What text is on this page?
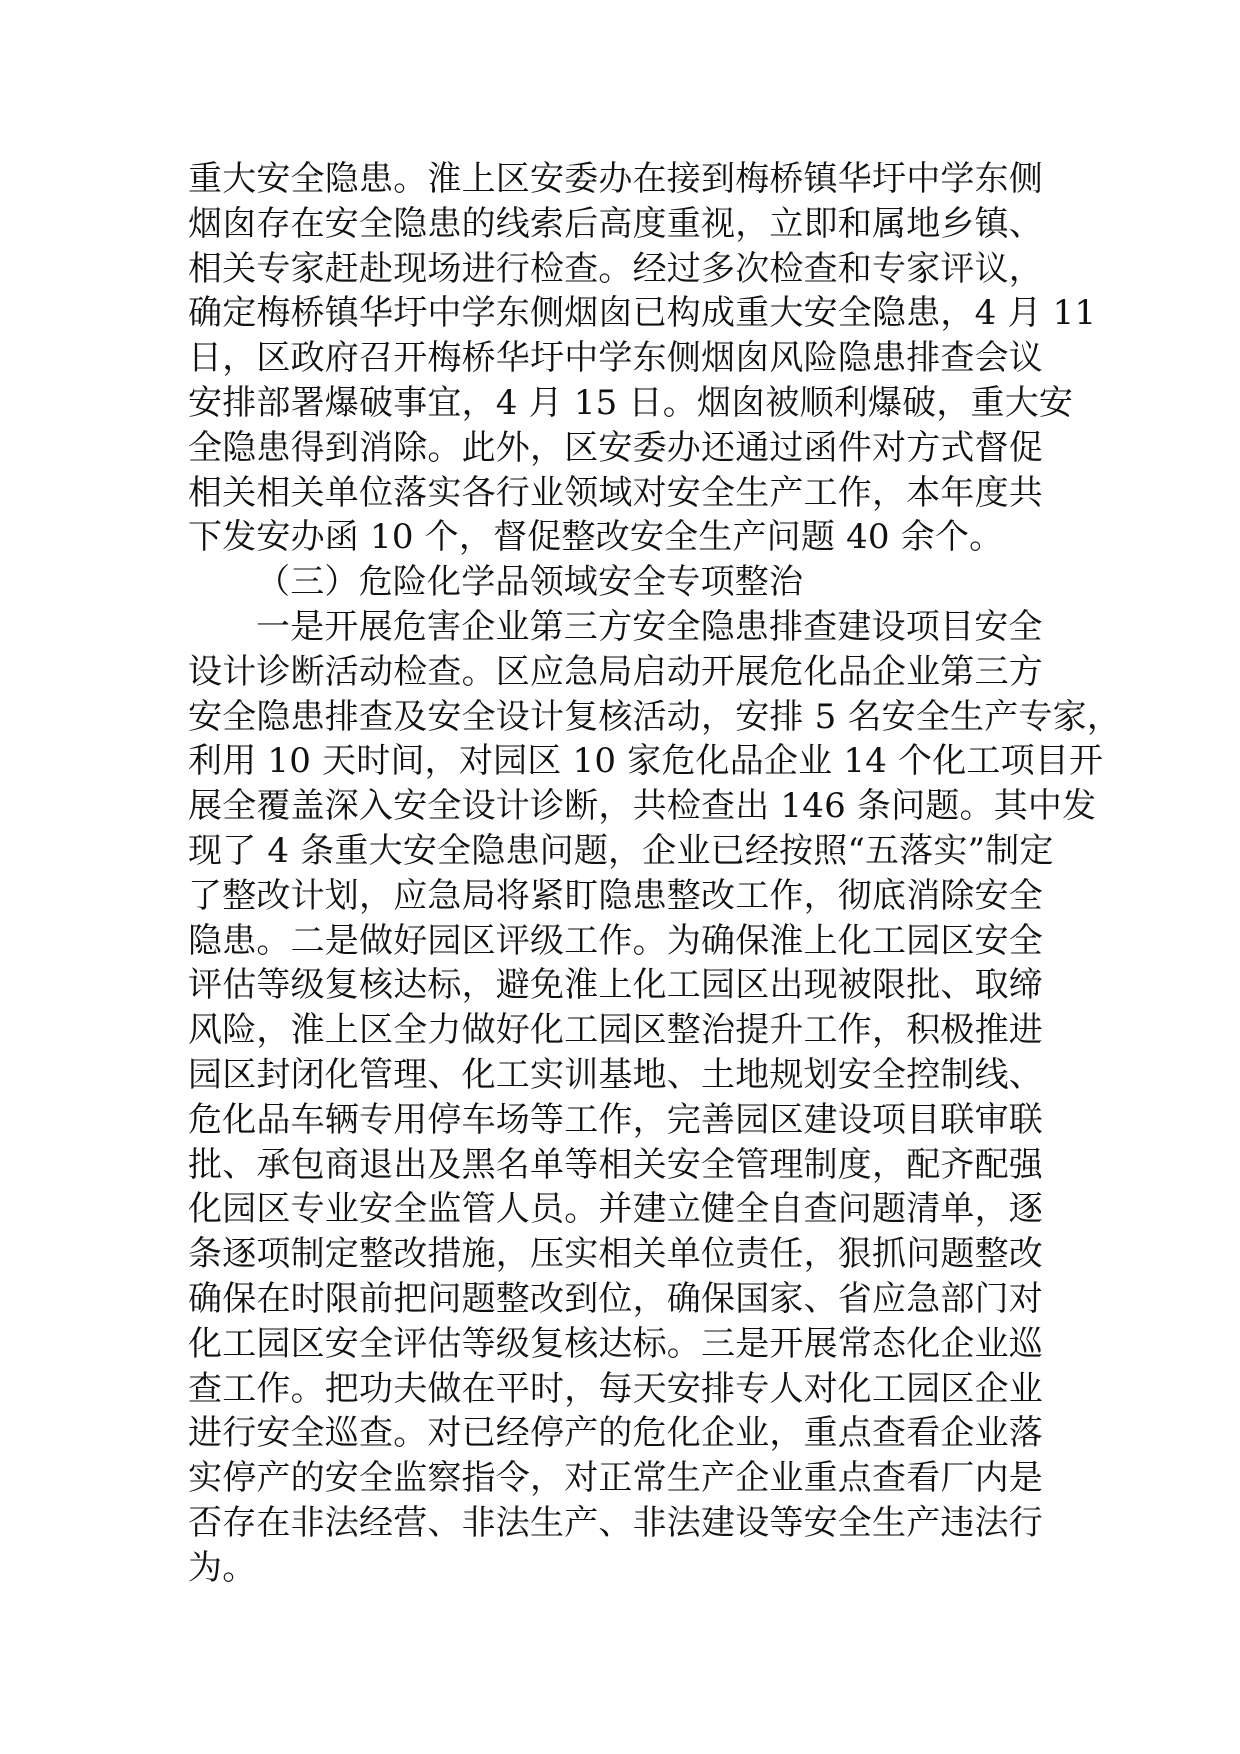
重大安全隐患。淮上区安委办在接到梅桥镇华圩中学东侧
烟囱存在安全隐患的线索后高度重视，立即和属地乡镇、
相关专家赶赴现场进行检查。经过多次检查和专家评议，
确定梅桥镇华圩中学东侧烟囱已构成重大安全隐患，4 月 11
日，区政府召开梅桥华圩中学东侧烟囱风险隐患排查会议
安排部署爆破事宜，4 月 15 日。烟囱被顺利爆破，重大安
全隐患得到消除。此外，区安委办还通过函件对方式督促
相关相关单位落实各行业领域对安全生产工作，本年度共
下发安办函 10 个，督促整改安全生产问题 40 余个。
（三）危险化学品领域安全专项整治
一是开展危害企业第三方安全隐患排查建设项目安全
设计诊断活动检查。区应急局启动开展危化品企业第三方
安全隐患排查及安全设计复核活动，安排 5 名安全生产专家，
利用 10 天时间，对园区 10 家危化品企业 14 个化工项目开
展全覆盖深入安全设计诊断，共检查出 146 条问题。其中发
现了 4 条重大安全隐患问题，企业已经按照“五落实”制定
了整改计划，应急局将紧盯隐患整改工作，彻底消除安全
隐患。二是做好园区评级工作。为确保淮上化工园区安全
评估等级复核达标，避免淮上化工园区出现被限批、取缔
风险，淮上区全力做好化工园区整治提升工作，积极推进
园区封闭化管理、化工实训基地、土地规划安全控制线、
危化品车辆专用停车场等工作，完善园区建设项目联审联
批、承包商退出及黑名单等相关安全管理制度，配齐配强
化园区专业安全监管人员。并建立健全自查问题清单，逐
条逐项制定整改措施，压实相关单位责任，狠抓问题整改
确保在时限前把问题整改到位，确保国家、省应急部门对
化工园区安全评估等级复核达标。三是开展常态化企业巡
查工作。把功夫做在平时，每天安排专人对化工园区企业
进行安全巡查。对已经停产的危化企业，重点查看企业落
实停产的安全监察指令，对正常生产企业重点查看厂内是
否存在非法经营、非法生产、非法建设等安全生产违法行
为。
